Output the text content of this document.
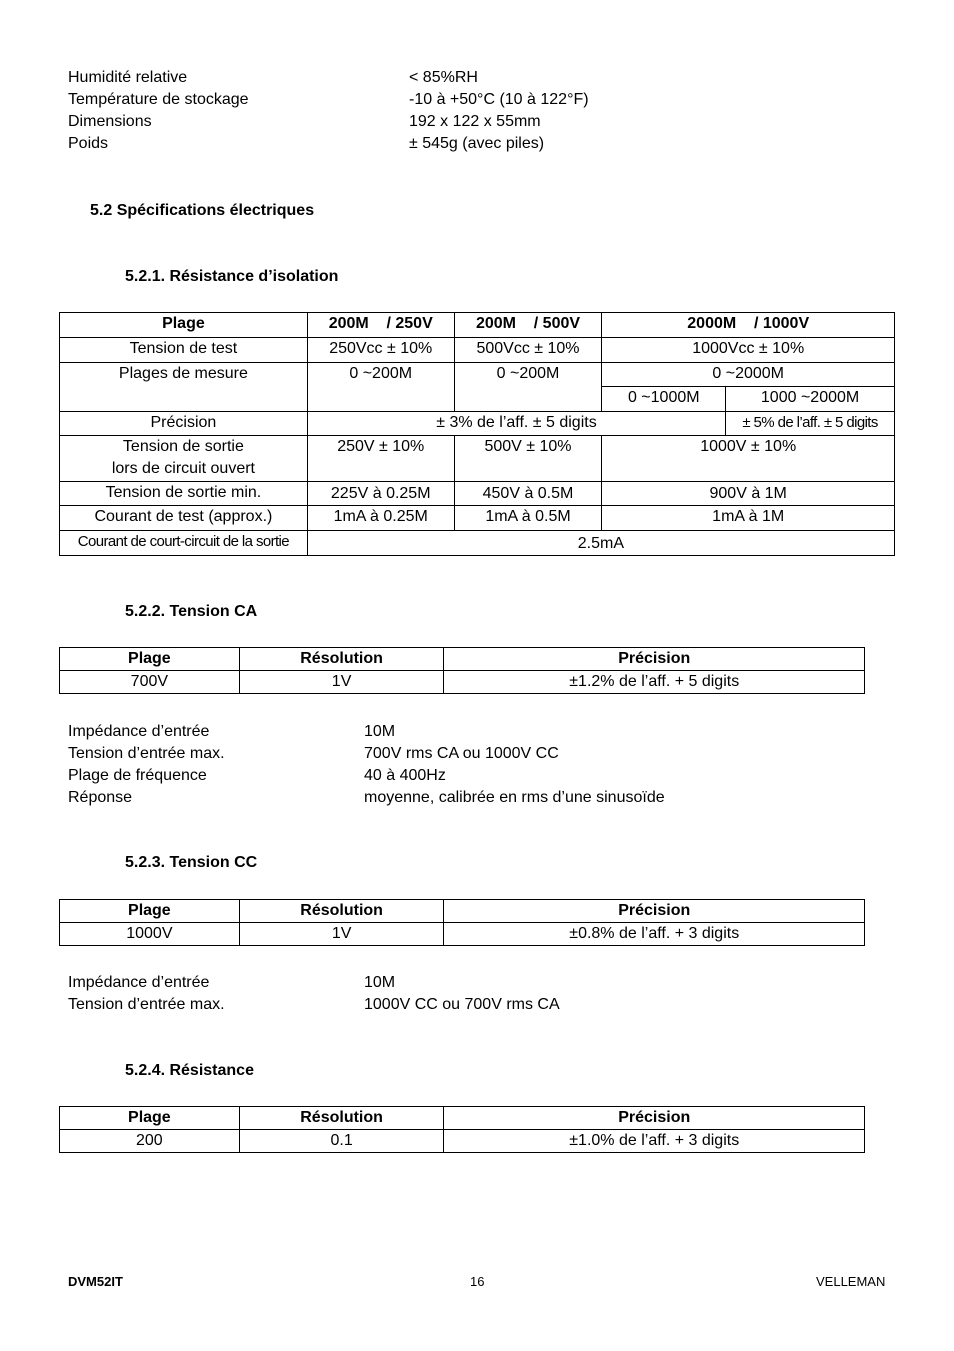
Humidité relative	< 85%RH
Température de stockage	-10 à +50°C (10 à 122°F)
Dimensions	192 x 122 x 55mm
Poids	± 545g (avec piles)
5.2 Spécifications électriques
5.2.1. Résistance d’isolation
Plage	200M    / 250V	200M    / 500V	2000M    / 1000V	
Tension de test	250Vcc ± 10%	500Vcc ± 10%	1000Vcc ± 10%	
Plages de mesure	0 ~200M	0 ~200M	0 ~2000M	
			0 ~1000M	1000 ~2000M
Précision	± 3% de l’aff. ± 5 digits			± 5% de l’aff. ± 5 digits

Tension de sortie
lors de circuit ouvert	250V ± 10%	500V ± 10%	1000V ± 10%	
Tension de sortie min.	225V à 0.25M	450V à 0.5M	900V à 1M	
Courant de test (approx.)	1mA à 0.25M	1mA à 0.5M	1mA à 1M	
Courant de court-circuit de la sortie	2.5mA			
5.2.2. Tension CA
Plage	Résolution	Précision
700V	1V	±1.2% de l’aff. + 5 digits
Impédance d’entrée	10M
Tension d’entrée max.	700V rms CA ou 1000V CC
Plage de fréquence	40 à 400Hz
Réponse	moyenne, calibrée en rms d’une sinusoïde
5.2.3. Tension CC
Plage	Résolution	Précision
1000V	1V	±0.8% de l’aff. + 3 digits
Impédance d’entrée	10M
Tension d’entrée max.	1000V CC ou 700V rms CA
5.2.4. Résistance
Plage	Résolution	Précision
200	0.1	±1.0% de l’aff. + 3 digits
DVM52IT	16	VELLEMAN
